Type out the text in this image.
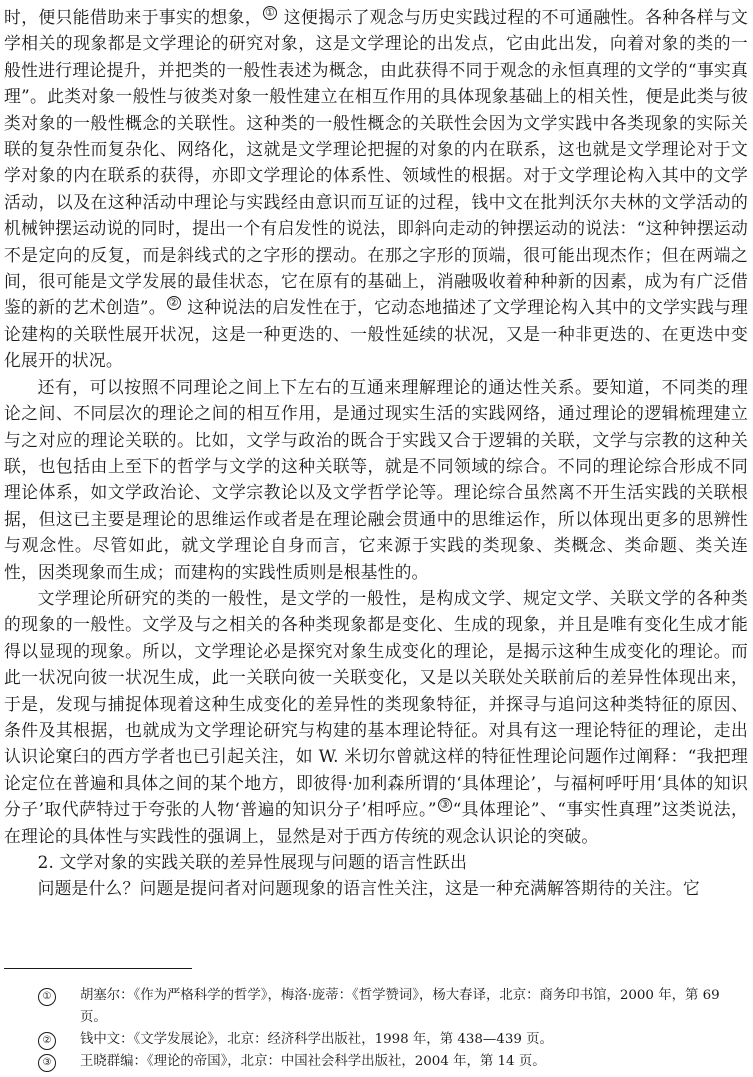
时，便只能借助来于事实的想象， ① 这便揭示了观念与历史实践过程的不可通融性。各种各样与文学相关的现象都是文学理论的研究对象，这是文学理论的出发点，它由此出发，向着对象的类的一般性进行理论提升，并把类的一般性表述为概念，由此获得不同于观念的永恒真理的文学的“事实真理”。此类对象一般性与彼类对象一般性建立在相互作用的具体现象基础上的相关性，便是此类与彼类对象的一般性概念的关联性。这种类的一般性概念的关联性会因为文学实践中各类现象的实际关联的复杂性而复杂化、网络化，这就是文学理论把握的对象的内在联系，这也就是文学理论对于文学对象的内在联系的获得，亦即文学理论的体系性、领域性的根据。对于文学理论构入其中的文学活动，以及在这种活动中理论与实践经由意识而互证的过程，钱中文在批判沃尔夫林的文学活动的机械钟摆运动说的同时，提出一个有启发性的说法，即斜向走动的钟摆运动的说法：“这种钟摆运动不是定向的反复，而是斜线式的之字形的摆动。在那之字形的顶端，很可能出现杰作；但在两端之间，很可能是文学发展的最佳状态，它在原有的基础上，消融吸收着种种新的因素，成为有广泛借鉴的新的艺术创造”。 ② 这种说法的启发性在于，它动态地描述了文学理论构入其中的文学实践与理论建构的关联性展开状况，这是一种更迭的、一般性延续的状况，又是一种非更迭的、在更迭中变化展开的状况。

还有，可以按照不同理论之间上下左右的互通来理解理论的通达性关系。要知道，不同类的理论之间、不同层次的理论之间的相互作用，是通过现实生活的实践网络，通过理论的逻辑梳理建立与之对应的理论关联的。比如，文学与政治的既合于实践又合于逻辑的关联，文学与宗教的这种关联，也包括由上至下的哲学与文学的这种关联等，就是不同领域的综合。不同的理论综合形成不同理论体系，如文学政治论、文学宗教论以及文学哲学论等。理论综合虽然离不开生活实践的关联根据，但这已主要是理论的思维运作或者是在理论融会贯通中的思维运作，所以体现出更多的思辨性与观念性。尽管如此，就文学理论自身而言，它来源于实践的类现象、类概念、类命题、类关连性，因类现象而生成；而建构的实践性质则是根基性的。

文学理论所研究的类的一般性，是文学的一般性，是构成文学、规定文学、关联文学的各种类的现象的一般性。文学及与之相关的各种类现象都是变化、生成的现象，并且是唯有变化生成才能得以显现的现象。所以，文学理论必是探究对象生成变化的理论，是揭示这种生成变化的理论。而此一状况向彼一状况生成，此一关联向彼一关联变化，又是以关联处关联前后的差异性体现出来，于是，发现与捕捉体现着这种生成变化的差异性的类现象特征，并探寻与追问这种类特征的原因、条件及其根据，也就成为文学理论研究与构建的基本理论特征。对具有这一理论特征的理论，走出认识论窠臼的西方学者也已引起关注，如 W. 米切尔曾就这样的特征性理论问题作过阐释：“我把理论定位在普遍和具体之间的某个地方，即彼得·加利森所谓的‘具体理论’，与福柯呼吁用‘具体的知识分子’取代萨特过于夸张的人物‘普遍的知识分子’相呼应。” ③ “具体理论”、“事实性真理”这类说法，在理论的具体性与实践性的强调上，显然是对于西方传统的观念认识论的突破。

2. 文学对象的实践关联的差异性展现与问题的语言性跃出

问题是什么？问题是提问者对问题现象的语言性关注，这是一种充满解答期待的关注。它

①	胡塞尔：《作为严格科学的哲学》，梅洛·庞蒂：《哲学赞词》，杨大春译，北京：商务印书馆，2000 年，第 69 页。
②	钱中文：《文学发展论》，北京：经济科学出版社，1998 年，第 438—439 页。
③	王晓群编：《理论的帝国》，北京：中国社会科学出版社，2004 年，第 14 页。
